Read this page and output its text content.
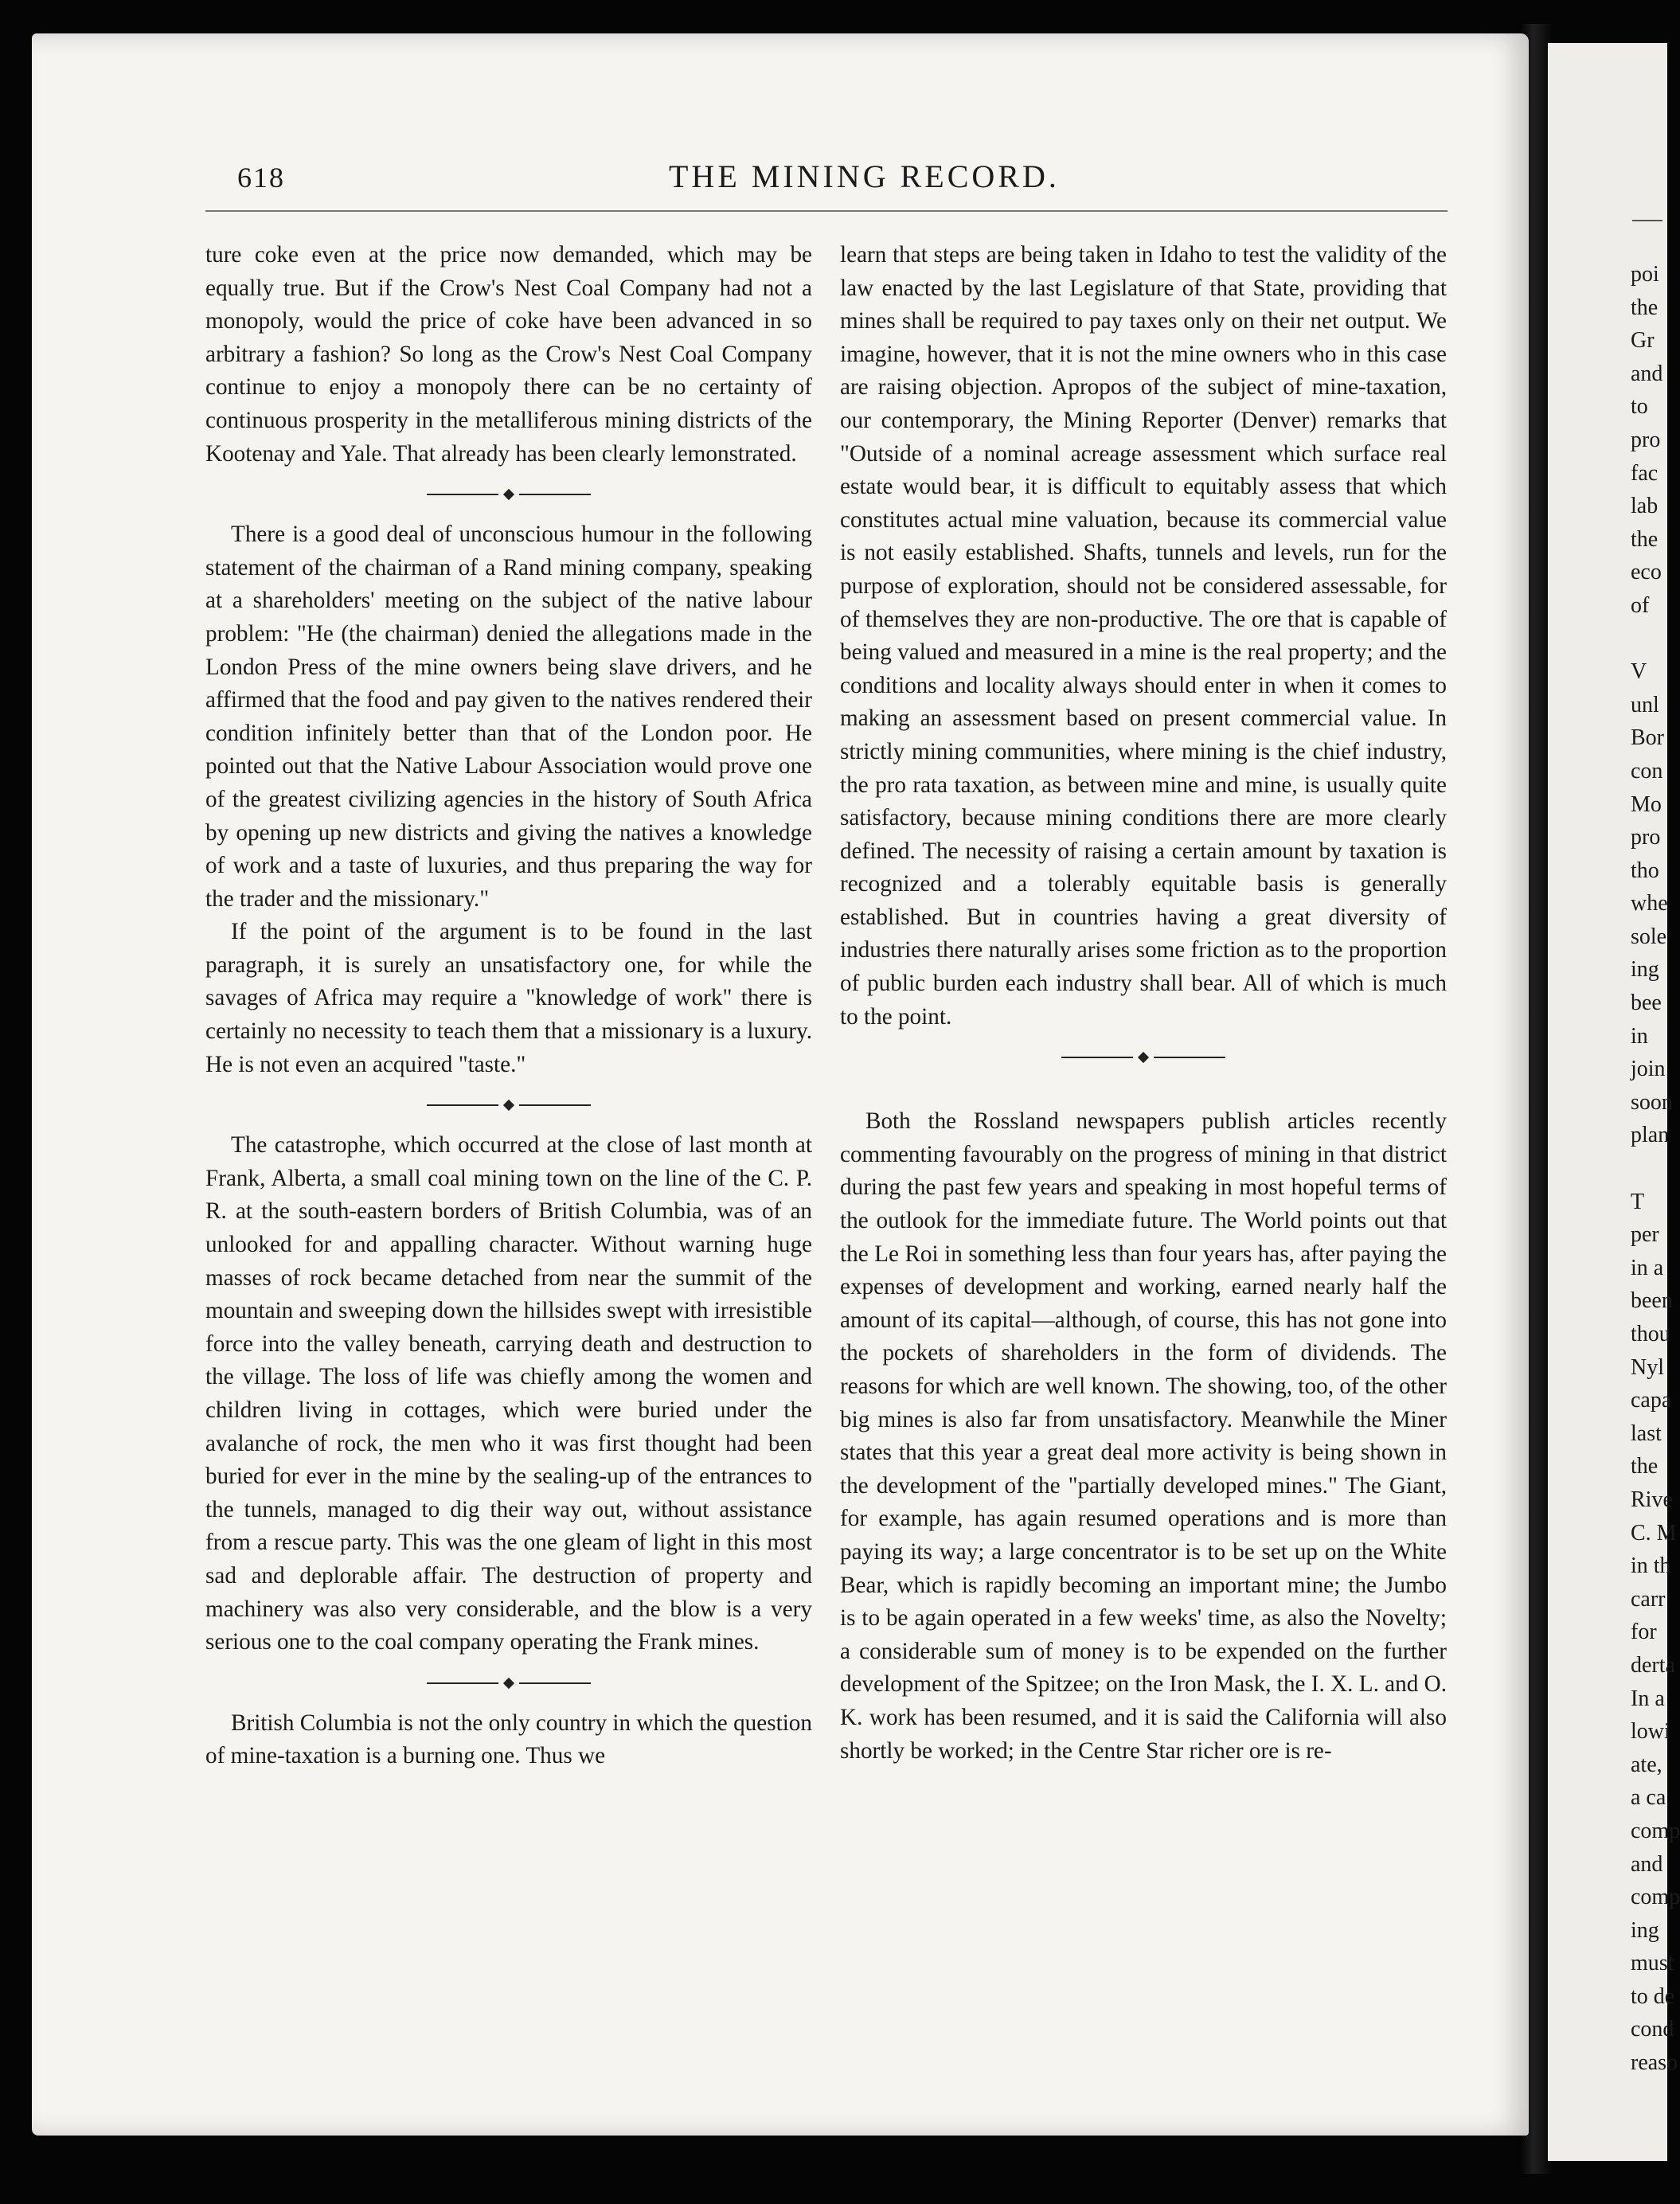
poi
the
Gr
and
to
pro
fac
lab
the
eco
of
V
unl
Bor
con
Mo
pro
tho
whe
sole
ing
bee
in
join
soon
plan
T
per
in a
been
thou
Nyl
capa
last
the
Rive
C. M
in th
carr
for
derta
In a
lowi
ate,
a ca
comp
and
comp
ing
must
to de
cond
reaso
618	THE MINING RECORD.

ture coke even at the price now demanded, which may be equally true. But if the Crow's Nest Coal Company had not a monopoly, would the price of coke have been advanced in so arbitrary a fashion? So long as the Crow's Nest Coal Company continue to enjoy a monopoly there can be no certainty of continuous prosperity in the metalliferous mining districts of the Kootenay and Yale. That already has been clearly lemonstrated.

There is a good deal of unconscious humour in the following statement of the chairman of a Rand mining company, speaking at a shareholders' meeting on the subject of the native labour problem: "He (the chairman) denied the allegations made in the London Press of the mine owners being slave drivers, and he affirmed that the food and pay given to the natives rendered their condition infinitely better than that of the London poor. He pointed out that the Native Labour Association would prove one of the greatest civilizing agencies in the history of South Africa by opening up new districts and giving the natives a knowledge of work and a taste of luxuries, and thus preparing the way for the trader and the missionary."

If the point of the argument is to be found in the last paragraph, it is surely an unsatisfactory one, for while the savages of Africa may require a "knowledge of work" there is certainly no necessity to teach them that a missionary is a luxury. He is not even an acquired "taste."

The catastrophe, which occurred at the close of last month at Frank, Alberta, a small coal mining town on the line of the C. P. R. at the south-eastern borders of British Columbia, was of an unlooked for and appalling character. Without warning huge masses of rock became detached from near the summit of the mountain and sweeping down the hillsides swept with irresistible force into the valley beneath, carrying death and destruction to the village. The loss of life was chiefly among the women and children living in cottages, which were buried under the avalanche of rock, the men who it was first thought had been buried for ever in the mine by the sealing-up of the entrances to the tunnels, managed to dig their way out, without assistance from a rescue party. This was the one gleam of light in this most sad and deplorable affair. The destruction of property and machinery was also very considerable, and the blow is a very serious one to the coal company operating the Frank mines.

British Columbia is not the only country in which the question of mine-taxation is a burning one. Thus we

learn that steps are being taken in Idaho to test the validity of the law enacted by the last Legislature of that State, providing that mines shall be required to pay taxes only on their net output. We imagine, however, that it is not the mine owners who in this case are raising objection. Apropos of the subject of mine-taxation, our contemporary, the Mining Reporter (Denver) remarks that "Outside of a nominal acreage assessment which surface real estate would bear, it is difficult to equitably assess that which constitutes actual mine valuation, because its commercial value is not easily established. Shafts, tunnels and levels, run for the purpose of exploration, should not be considered assessable, for of themselves they are non-productive. The ore that is capable of being valued and measured in a mine is the real property; and the conditions and locality always should enter in when it comes to making an assessment based on present commercial value. In strictly mining communities, where mining is the chief industry, the pro rata taxation, as between mine and mine, is usually quite satisfactory, because mining conditions there are more clearly defined. The necessity of raising a certain amount by taxation is recognized and a tolerably equitable basis is generally established. But in countries having a great diversity of industries there naturally arises some friction as to the proportion of public burden each industry shall bear. All of which is much to the point.

Both the Rossland newspapers publish articles recently commenting favourably on the progress of mining in that district during the past few years and speaking in most hopeful terms of the outlook for the immediate future. The World points out that the Le Roi in something less than four years has, after paying the expenses of development and working, earned nearly half the amount of its capital—although, of course, this has not gone into the pockets of shareholders in the form of dividends. The reasons for which are well known. The showing, too, of the other big mines is also far from unsatisfactory. Meanwhile the Miner states that this year a great deal more activity is being shown in the development of the "partially developed mines." The Giant, for example, has again resumed operations and is more than paying its way; a large concentrator is to be set up on the White Bear, which is rapidly becoming an important mine; the Jumbo is to be again operated in a few weeks' time, as also the Novelty; a considerable sum of money is to be expended on the further development of the Spitzee; on the Iron Mask, the I. X. L. and O. K. work has been resumed, and it is said the California will also shortly be worked; in the Centre Star richer ore is re-
